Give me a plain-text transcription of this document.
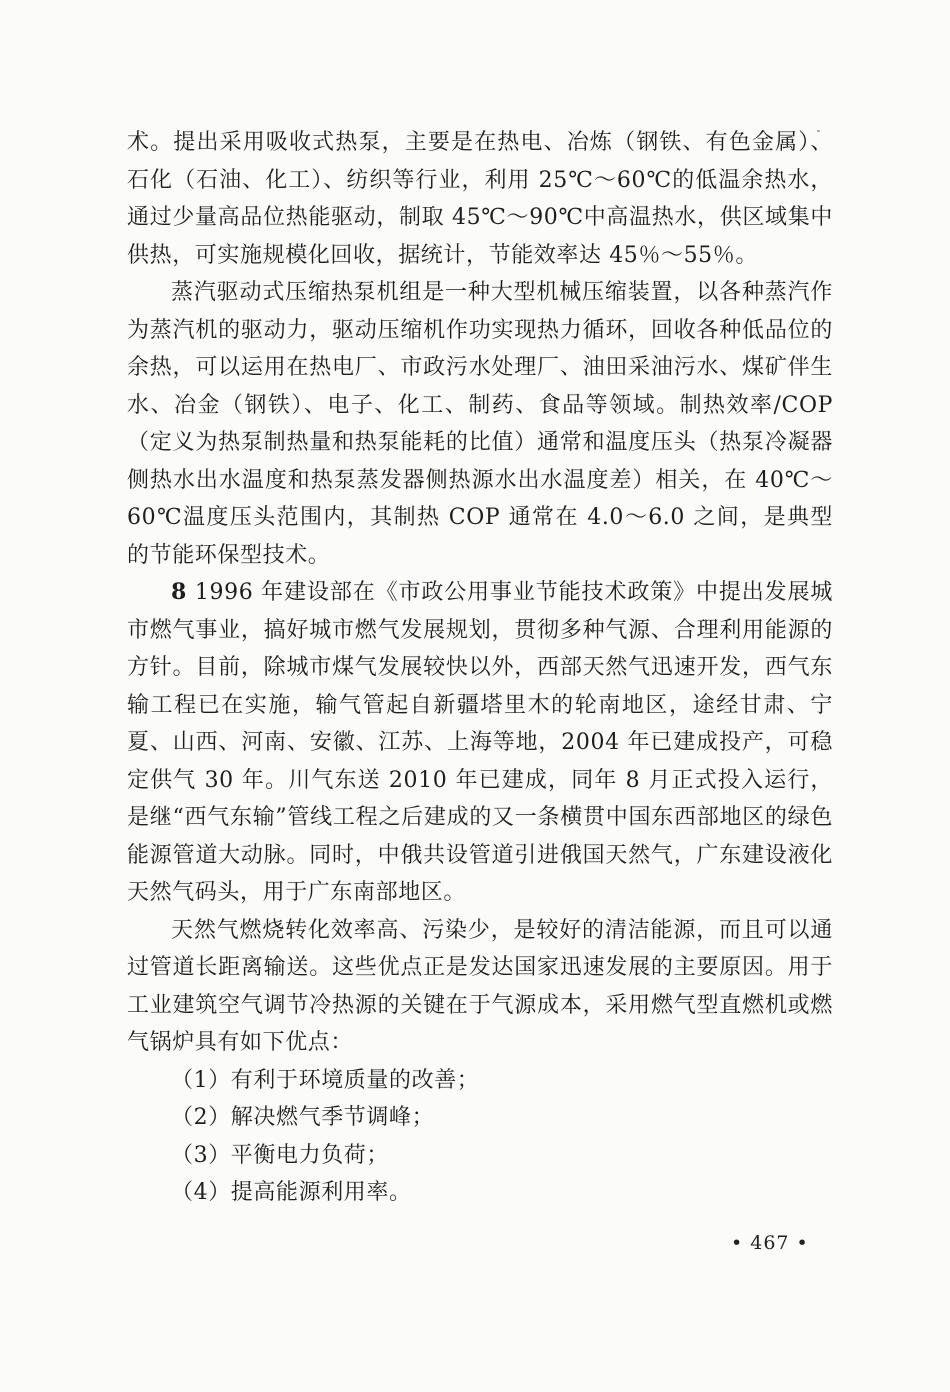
术。提出采用吸收式热泵，主要是在热电、冶炼（钢铁、有色金属）、石化（石油、化工）、纺织等行业，利用 25℃～60℃的低温余热水，通过少量高品位热能驱动，制取 45℃～90℃中高温热水，供区域集中供热，可实施规模化回收，据统计，节能效率达 45％～55％。

蒸汽驱动式压缩热泵机组是一种大型机械压缩装置，以各种蒸汽作为蒸汽机的驱动力，驱动压缩机作功实现热力循环，回收各种低品位的余热，可以运用在热电厂、市政污水处理厂、油田采油污水、煤矿伴生水、冶金（钢铁）、电子、化工、制药、食品等领域。制热效率/COP（定义为热泵制热量和热泵能耗的比值）通常和温度压头（热泵冷凝器侧热水出水温度和热泵蒸发器侧热源水出水温度差）相关，在 40℃～60℃温度压头范围内，其制热 COP 通常在 4.0～6.0 之间，是典型的节能环保型技术。

8 1996 年建设部在《市政公用事业节能技术政策》中提出发展城市燃气事业，搞好城市燃气发展规划，贯彻多种气源、合理利用能源的方针。目前，除城市煤气发展较快以外，西部天然气迅速开发，西气东输工程已在实施，输气管起自新疆塔里木的轮南地区，途经甘肃、宁夏、山西、河南、安徽、江苏、上海等地，2004 年已建成投产，可稳定供气 30 年。川气东送 2010 年已建成，同年 8 月正式投入运行，是继“西气东输”管线工程之后建成的又一条横贯中国东西部地区的绿色能源管道大动脉。同时，中俄共设管道引进俄国天然气，广东建设液化天然气码头，用于广东南部地区。

天然气燃烧转化效率高、污染少，是较好的清洁能源，而且可以通过管道长距离输送。这些优点正是发达国家迅速发展的主要原因。用于工业建筑空气调节冷热源的关键在于气源成本，采用燃气型直燃机或燃气锅炉具有如下优点：

（1）有利于环境质量的改善；

（2）解决燃气季节调峰；

（3）平衡电力负荷；

（4）提高能源利用率。

• 467 •
